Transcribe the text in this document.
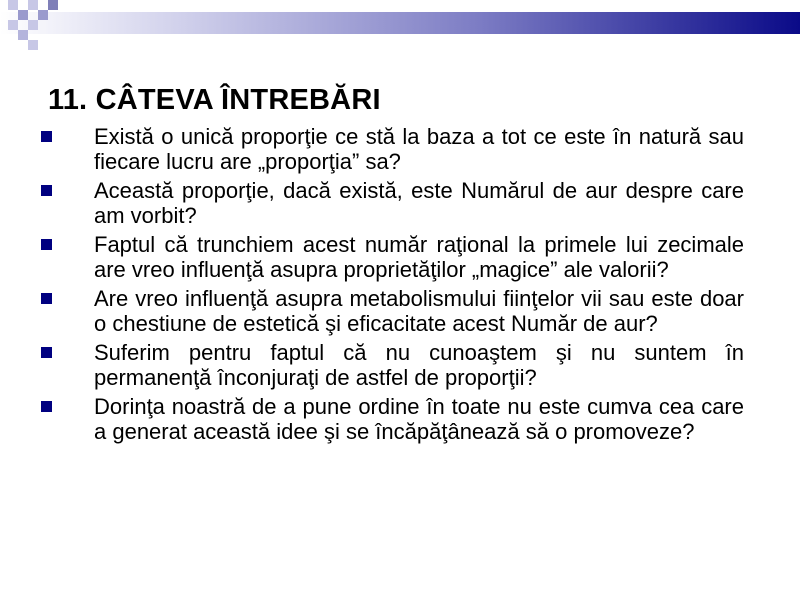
11. CÂTEVA ÎNTREBĂRI
Există o unică proporţie ce stă la baza a tot ce este în natură sau fiecare lucru are „proporţia” sa?
Această proporţie, dacă există, este Numărul de aur despre care am vorbit?
Faptul că trunchiem acest număr raţional la primele lui zecimale are vreo influenţă asupra proprietăţilor „magice” ale valorii?
Are vreo influenţă asupra metabolismului fiinţelor vii sau este doar o chestiune de estetică şi eficacitate acest Număr de aur?
Suferim pentru faptul că nu cunoaştem şi nu suntem în permanenţă înconjuraţi de astfel de proporţii?
Dorinţa noastră de a pune ordine în toate nu este cumva cea care a generat această idee şi se încăpăţânează să o promoveze?
